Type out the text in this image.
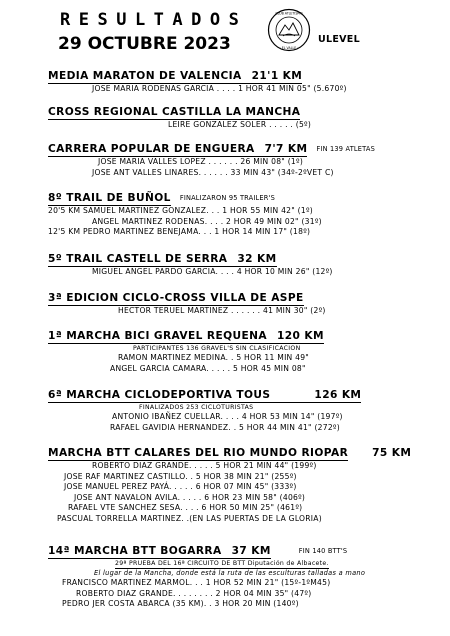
RESULTADOS
29 OCTUBRE 2023
CLUB ATLETISMO
· EL VALLE ·
ULEVEL
MEDIA MARATON DE VALENCIA 21'1 KM
JOSE MARIA RODENAS GARCIA . . . . 1 HOR 41 MIN 05" (5.670º)
CROSS REGIONAL CASTILLA LA MANCHA
LEIRE GONZALEZ SOLER . . . . . (5º)
CARRERA POPULAR DE ENGUERA 7'7 KM FIN 139 ATLETAS
JOSE MARIA VALLES LOPEZ . . . . . . 26 MIN 08" (1º)
JOSE ANT VALLES LINARES. . . . . . 33 MIN 43" (34º-2ºVET C)
8º TRAIL DE BUÑOL FINALIZARON 95 TRAILER'S
20'5 KM SAMUEL MARTINEZ GONZALEZ. . . 1 HOR 55 MIN 42" (1º)
ANGEL MARTINEZ RODENAS. . . . 2 HOR 49 MIN 02" (31º)
12'5 KM PEDRO MARTINEZ BENEJAMA. . . 1 HOR 14 MIN 17" (18º)
5º TRAIL CASTELL DE SERRA 32 KM
MIGUEL ANGEL PARDO GARCIA. . . . 4 HOR 10 MIN 26" (12º)
3ª EDICION CICLO-CROSS VILLA DE ASPE
HECTOR TERUEL MARTINEZ . . . . . . 41 MIN 30" (2º)
1ª MARCHA BICI GRAVEL REQUENA 120 KM
PARTICIPANTES 136 GRAVEL'S SIN CLASIFICACION
RAMON MARTINEZ MEDINA. . 5 HOR 11 MIN 49"
ANGEL GARCIA CAMARA. . . . . 5 HOR 45 MIN 08"
6ª MARCHA CICLODEPORTIVA TOUS	126 KM
FINALIZADOS 253 CICLOTURISTAS
ANTONIO IBAÑEZ CUELLAR. . . . 4 HOR 53 MIN 14" (197º)
RAFAEL GAVIDIA HERNANDEZ. . 5 HOR 44 MIN 41" (272º)
MARCHA BTT CALARES DEL RIO MUNDO RIOPAR 75 KM
ROBERTO DIAZ GRANDE. . . . . 5 HOR 21 MIN 44" (199º)
JOSE RAF MARTINEZ CASTILLO. . 5 HOR 38 MIN 21" (255º)
JOSE MANUEL PEREZ PAYÁ. . . . . 6 HOR 07 MIN 45" (333º)
JOSE ANT NAVALON AVILA. . . . . 6 HOR 23 MIN 58" (406º)
RAFAEL VTE SANCHEZ SESA. . . . 6 HOR 50 MIN 25" (461º)
PASCUAL TORRELLA MARTINEZ. .(EN LAS PUERTAS DE LA GLORIA)
14ª MARCHA BTT BOGARRA 37 KM	FIN 140 BTT'S
29ª PRUEBA DEL 16ª CIRCUITO DE BTT Diputación de Albacete.
El lugar de la Mancha, donde está la ruta de las esculturas talladas a mano
FRANCISCO MARTINEZ MARMOL. . . 1 HOR 52 MIN 21" (15º-1ºM45)
ROBERTO DIAZ GRANDE. . . . . . . . 2 HOR 04 MIN 35" (47º)
PEDRO JER COSTA ABARCA (35 KM). . 3 HOR 20 MIN (140º)
